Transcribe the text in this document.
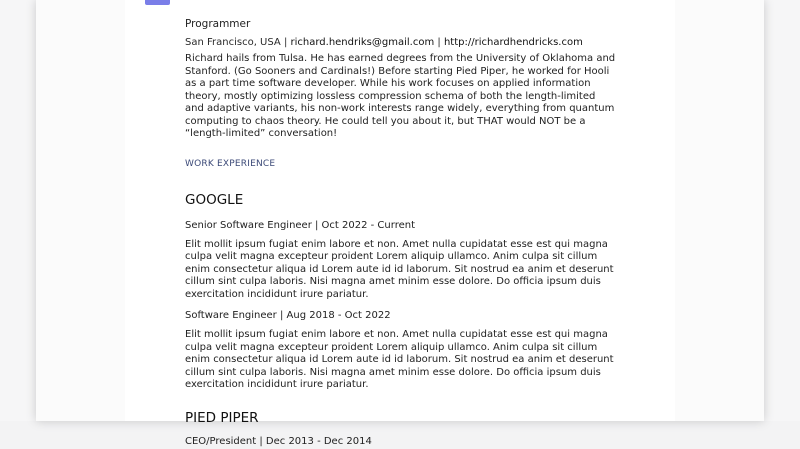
Programmer
San Francisco, USA | richard.hendriks@gmail.com | http://richardhendricks.com
Richard hails from Tulsa. He has earned degrees from the University of Oklahoma and Stanford. (Go Sooners and Cardinals!) Before starting Pied Piper, he worked for Hooli as a part time software developer. While his work focuses on applied information theory, mostly optimizing lossless compression schema of both the length-limited and adaptive variants, his non-work interests range widely, everything from quantum computing to chaos theory. He could tell you about it, but THAT would NOT be a “length-limited” conversation!
WORK EXPERIENCE
GOOGLE
Senior Software Engineer | Oct 2022 - Current
Elit mollit ipsum fugiat enim labore et non. Amet nulla cupidatat esse est qui magna culpa velit magna excepteur proident Lorem aliquip ullamco. Anim culpa sit cillum enim consectetur aliqua id Lorem aute id id laborum. Sit nostrud ea anim et deserunt cillum sint culpa laboris. Nisi magna amet minim esse dolore. Do officia ipsum duis exercitation incididunt irure pariatur.
Software Engineer | Aug 2018 - Oct 2022
Elit mollit ipsum fugiat enim labore et non. Amet nulla cupidatat esse est qui magna culpa velit magna excepteur proident Lorem aliquip ullamco. Anim culpa sit cillum enim consectetur aliqua id Lorem aute id id laborum. Sit nostrud ea anim et deserunt cillum sint culpa laboris. Nisi magna amet minim esse dolore. Do officia ipsum duis exercitation incididunt irure pariatur.
PIED PIPER
CEO/President | Dec 2013 - Dec 2014
